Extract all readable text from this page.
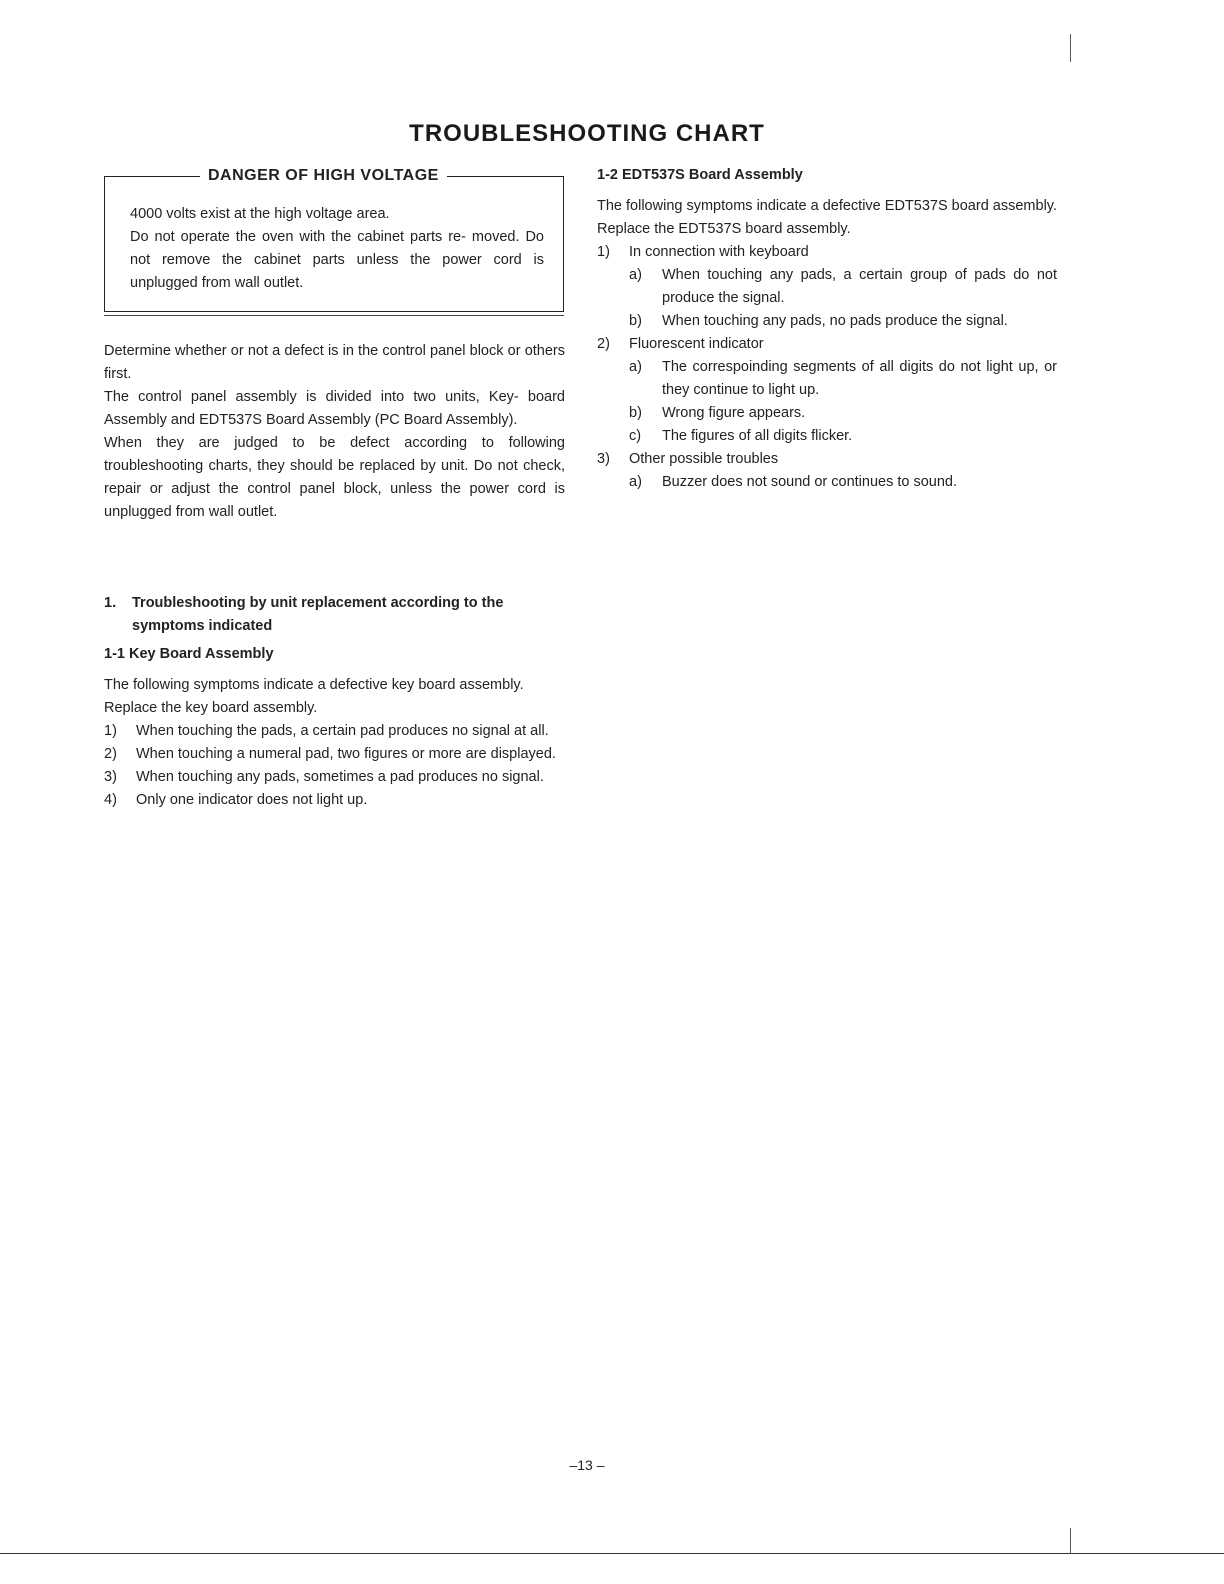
TROUBLESHOOTING CHART
DANGER OF HIGH VOLTAGE

4000 volts exist at the high voltage area.

Do not operate the oven with the cabinet parts re- moved. Do not remove the cabinet parts unless the power cord is unplugged from wall outlet.

Determine whether or not a defect is in the control panel block or others first.

The control panel assembly is divided into two units, Key- board Assembly and EDT537S Board Assembly (PC Board Assembly).

When they are judged to be defect according to following troubleshooting charts, they should be replaced by unit. Do not check, repair or adjust the control panel block, unless the power cord is unplugged from wall outlet.

1.	Troubleshooting by unit replacement according to the symptoms indicated
1-1 Key Board Assembly

The following symptoms indicate a defective key board assembly. Replace the key board assembly.

1) When touching the pads, a certain pad produces no signal at all.
2) When touching a numeral pad, two figures or more are displayed.
3) When touching any pads, sometimes a pad produces no signal.
4) Only one indicator does not light up.
1-2 EDT537S Board Assembly

The following symptoms indicate a defective EDT537S board assembly. Replace the EDT537S board assembly.

1) In connection with keyboard
a) When touching any pads, a certain group of pads do not produce the signal.
b) When touching any pads, no pads produce the signal.
2) Fluorescent indicator
a) The correspoinding segments of all digits do not light up, or they continue to light up.
b) Wrong figure appears.
c) The figures of all digits flicker.
3) Other possible troubles
a) Buzzer does not sound or continues to sound.
–13 –
